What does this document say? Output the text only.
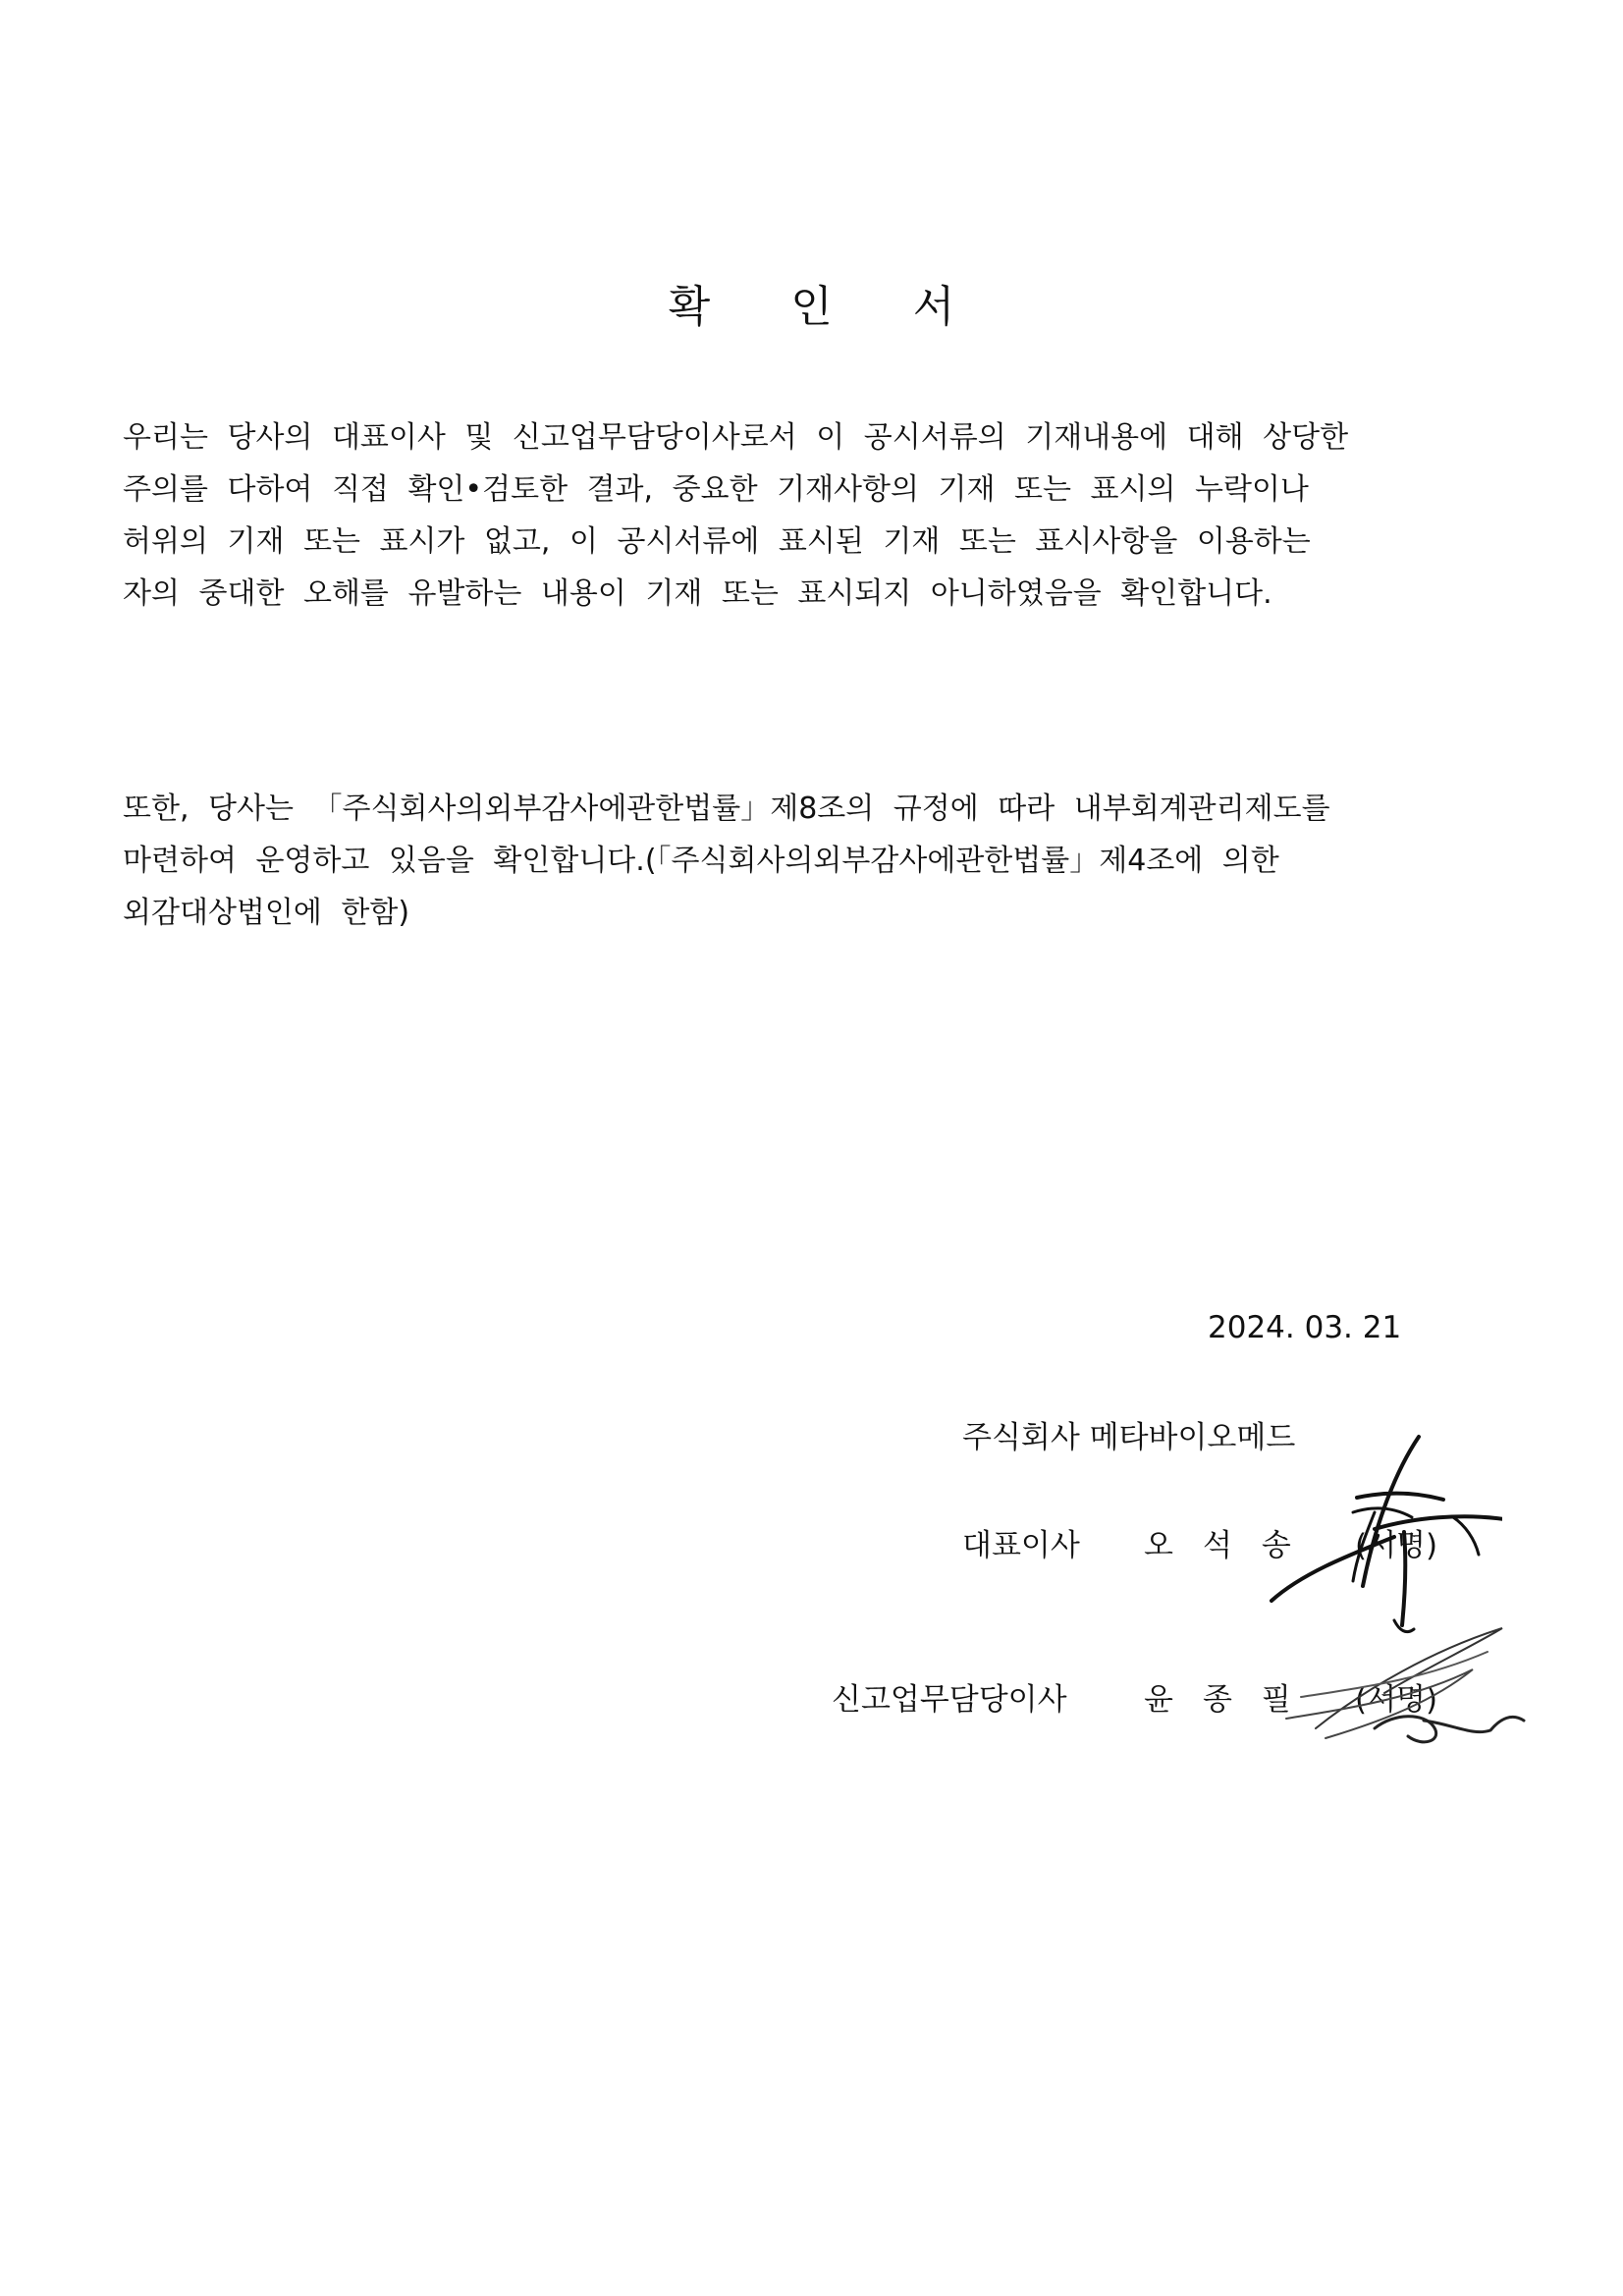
확 인 서
우리는 당사의 대표이사 및 신고업무담당이사로서 이 공시서류의 기재내용에 대해 상당한
주의를 다하여 직접 확인•검토한 결과, 중요한 기재사항의 기재 또는 표시의 누락이나
허위의 기재 또는 표시가 없고, 이 공시서류에 표시된 기재 또는 표시사항을 이용하는
자의 중대한 오해를 유발하는 내용이 기재 또는 표시되지 아니하였음을 확인합니다.
또한, 당사는 「주식회사의외부감사에관한법률」제8조의 규정에 따라 내부회계관리제도를
마련하여 운영하고 있음을 확인합니다.(「주식회사의외부감사에관한법률」제4조에 의한
외감대상법인에 한함)
2024. 03. 21
주식회사 메타바이오메드

대표이사

오석송

(서명)

신고업무담당이사

	윤종필

(서명)
